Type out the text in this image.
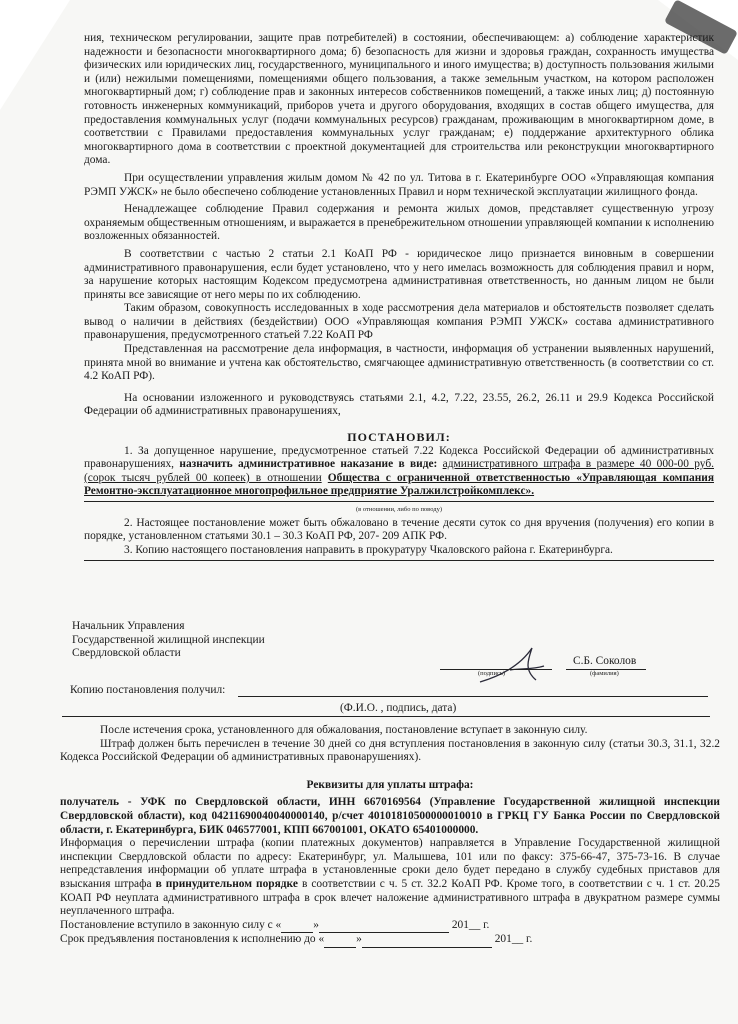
ния, техническом регулировании, защите прав потребителей) в состоянии, обеспечивающем: а) соблюдение характеристик надежности и безопасности многоквартирного дома; б) безопасность для жизни и здоровья граждан, сохранность имущества физических или юридических лиц, государственного, муниципального и иного имущества; в) доступность пользования жилыми и (или) нежилыми помещениями, помещениями общего пользования, а также земельным участком, на котором расположен многоквартирный дом; г) соблюдение прав и законных интересов собственников помещений, а также иных лиц; д) постоянную готовность инженерных коммуникаций, приборов учета и другого оборудования, входящих в состав общего имущества, для предоставления коммунальных услуг (подачи коммунальных ресурсов) гражданам, проживающим в многоквартирном доме, в соответствии с Правилами предоставления коммунальных услуг гражданам; е) поддержание архитектурного облика многоквартирного дома в соответствии с проектной документацией для строительства или реконструкции многоквартирного дома.

При осуществлении управления жилым домом № 42 по ул. Титова в г. Екатеринбурге ООО «Управляющая компания РЭМП УЖСК» не было обеспечено соблюдение установленных Правил и норм технической эксплуатации жилищного фонда.

Ненадлежащее соблюдение Правил содержания и ремонта жилых домов, представляет существенную угрозу охраняемым общественным отношениям, и выражается в пренебрежительном отношении управляющей компании к исполнению возложенных обязанностей.

В соответствии с частью 2 статьи 2.1 КоАП РФ - юридическое лицо признается виновным в совершении административного правонарушения, если будет установлено, что у него имелась возможность для соблюдения правил и норм, за нарушение которых настоящим Кодексом предусмотрена административная ответственность, но данным лицом не были приняты все зависящие от него меры по их соблюдению.

Таким образом, совокупность исследованных в ходе рассмотрения дела материалов и обстоятельств позволяет сделать вывод о наличии в действиях (бездействии) ООО «Управляющая компания РЭМП УЖСК» состава административного правонарушения, предусмотренного статьей 7.22 КоАП РФ

Представленная на рассмотрение дела информация, в частности, информация об устранении выявленных нарушений, принята мной во внимание и учтена как обстоятельство, смягчающее административную ответственность (в соответствии со ст. 4.2 КоАП РФ).

На основании изложенного и руководствуясь статьями 2.1, 4.2, 7.22, 23.55, 26.2, 26.11 и 29.9 Кодекса Российской Федерации об административных правонарушениях,

ПОСТАНОВИЛ:

1. За допущенное нарушение, предусмотренное статьей 7.22 Кодекса Российской Федерации об административных правонарушениях, назначить административное наказание в виде: административного штрафа в размере 40 000-00 руб. (сорок тысяч рублей 00 копеек) в отношении Общества с ограниченной ответственностью «Управляющая компания Ремонтно-эксплуатационное многопрофильное предприятие Уралжилстройкомплекс».

(в отношении, либо по поводу)

2. Настоящее постановление может быть обжаловано в течение десяти суток со дня вручения (получения) его копии в порядке, установленном статьями 30.1 – 30.3 КоАП РФ, 207- 209 АПК РФ.

3. Копию настоящего постановления направить в прокуратуру Чкаловского района г. Екатеринбурга.

Начальник Управления
Государственной жилищной инспекции
Свердловской области
(подпись)
С.Б. Соколов
(фамилия)
Копию постановления получил:
(Ф.И.О. , подпись, дата)

После истечения срока, установленного для обжалования, постановление вступает в законную силу.

Штраф должен быть перечислен в течение 30 дней со дня вступления постановления в законную силу (статьи 30.3, 31.1, 32.2 Кодекса Российской Федерации об административных правонарушениях).

Реквизиты для уплаты штрафа:

получатель - УФК по Свердловской области, ИНН 6670169564 (Управление Государственной жилищной инспекции Свердловской области), код 04211690040040000140, р/счет 40101810500000010010 в ГРКЦ ГУ Банка России по Свердловской области, г. Екатеринбурга, БИК 046577001, КПП 667001001, ОКАТО 65401000000.

Информация о перечислении штрафа (копии платежных документов) направляется в Управление Государственной жилищной инспекции Свердловской области по адресу: Екатеринбург, ул. Малышева, 101 или по факсу: 375-66-47, 375-73-16. В случае непредставления информации об уплате штрафа в установленные сроки дело будет передано в службу судебных приставов для взыскания штрафа в принудительном порядке в соответствии с ч. 5 ст. 32.2 КоАП РФ. Кроме того, в соответствии с ч. 1 ст. 20.25 КОАП РФ неуплата административного штрафа в срок влечет наложение административного штрафа в двукратном размере суммы неуплаченного штрафа.

Постановление вступило в законную силу с «	»	201__ г.

Срок предъявления постановления к исполнению до «	»	201__ г.
